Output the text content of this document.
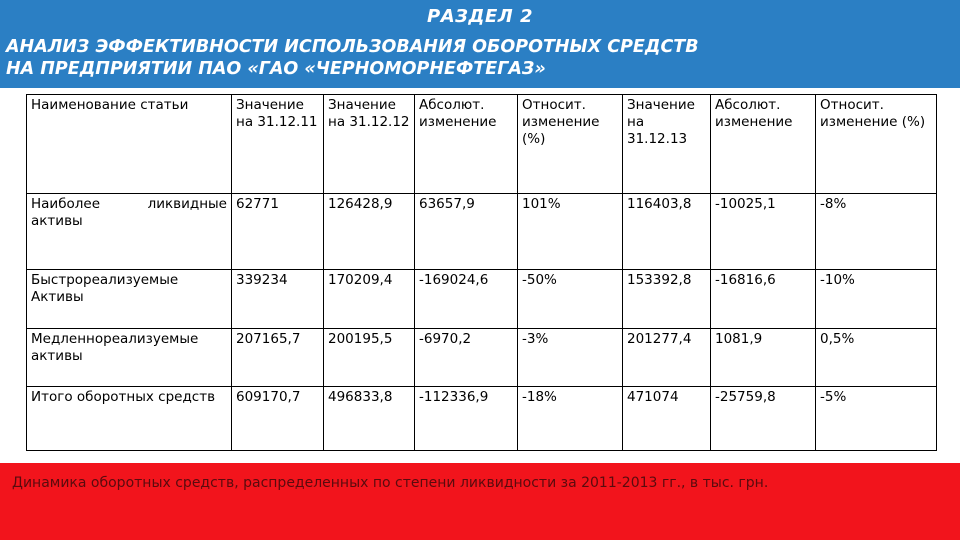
РАЗДЕЛ 2
АНАЛИЗ ЭФФЕКТИВНОСТИ ИСПОЛЬЗОВАНИЯ ОБОРОТНЫХ СРЕДСТВ
НА ПРЕДПРИЯТИИ ПАО «ГАО «ЧЕРНОМОРНЕФТЕГАЗ»
Наименование статьи	Значение на 31.12.11	Значение на 31.12.12	Абсолют. изменение	Относит. изменение (%)	Значение на 31.12.13	Абсолют. изменение	Относит. изменение (%)

Наиболее ликвидные
активы	62771	126428,9	63657,9	101%	116403,8	-10025,1	-8%
Быстрореализуемые Активы	339234	170209,4	-169024,6	-50%	153392,8	-16816,6	-10%
Медленнореализуемые активы	207165,7	200195,5	-6970,2	-3%	201277,4	1081,9	0,5%
Итого оборотных средств	609170,7	496833,8	-112336,9	-18%	471074	-25759,8	-5%
Динамика оборотных средств, распределенных по степени ликвидности за 2011-2013 гг., в тыс. грн.
